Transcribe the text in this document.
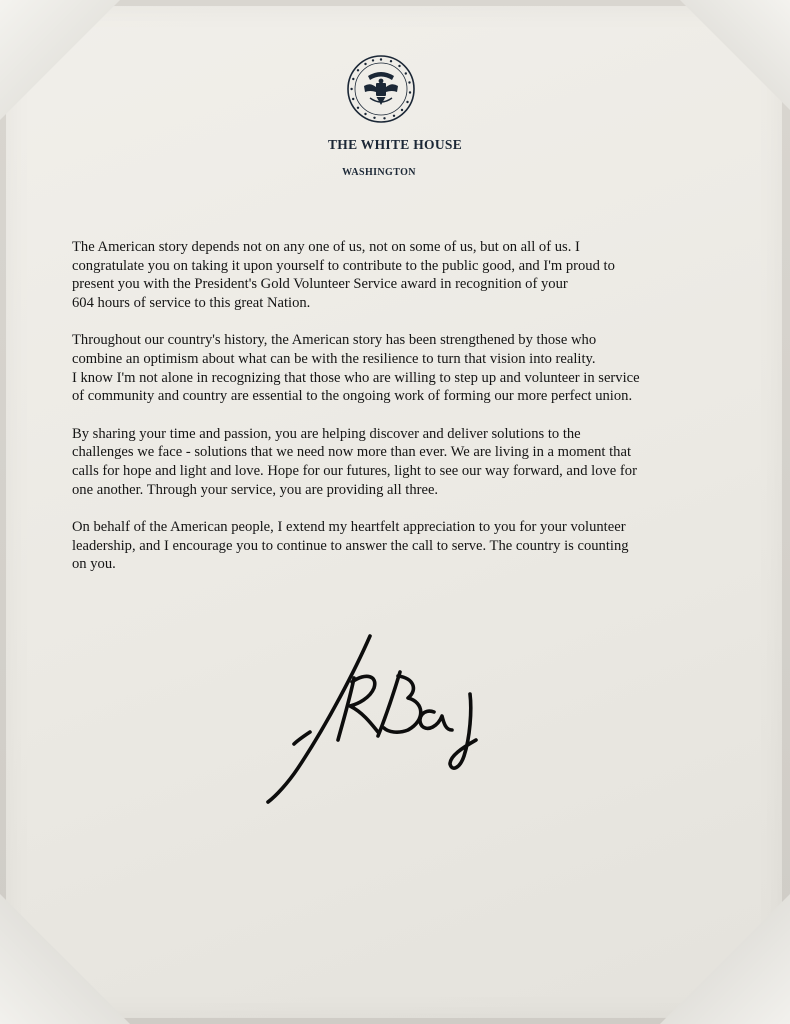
THE WHITE HOUSE
WASHINGTON

The American story depends not on any one of us, not on some of us, but on all of us. I
congratulate you on taking it upon yourself to contribute to the public good, and I'm proud to
present you with the President's Gold Volunteer Service award in recognition of your
604 hours of service to this great Nation.

Throughout our country's history, the American story has been strengthened by those who
combine an optimism about what can be with the resilience to turn that vision into reality.
I know I'm not alone in recognizing that those who are willing to step up and volunteer in service
of community and country are essential to the ongoing work of forming our more perfect union.

By sharing your time and passion, you are helping discover and deliver solutions to the
challenges we face - solutions that we need now more than ever. We are living in a moment that
calls for hope and light and love. Hope for our futures, light to see our way forward, and love for
one another. Through your service, you are providing all three.

On behalf of the American people, I extend my heartfelt appreciation to you for your volunteer
leadership, and I encourage you to continue to answer the call to serve. The country is counting
on you.
